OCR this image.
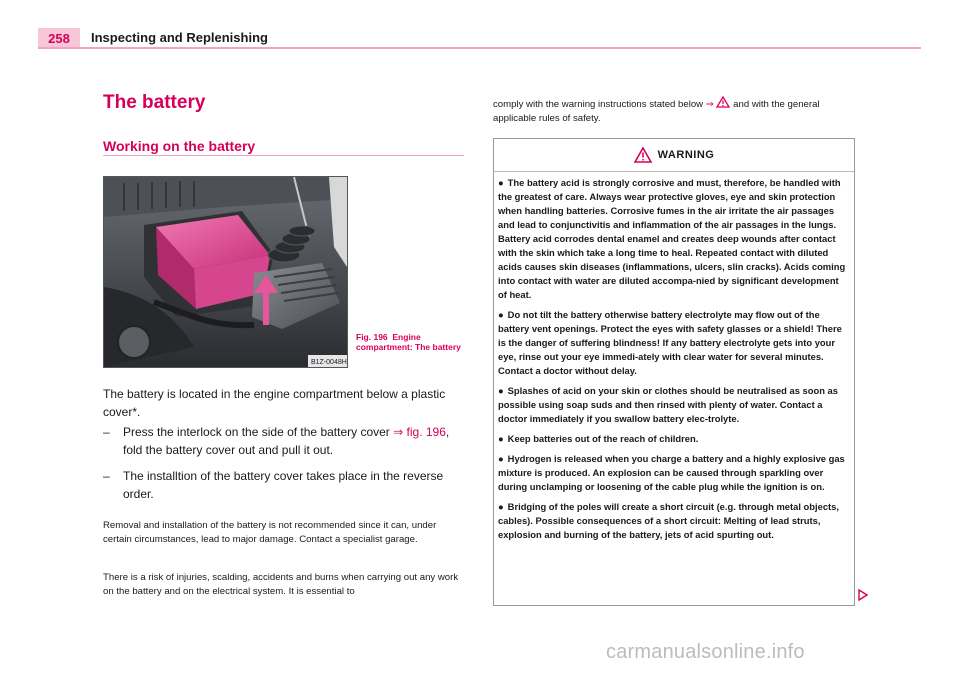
258	Inspecting and Replenishing
The battery
Working on the battery
B1Z-0048H
Fig. 196 Engine compartment: The battery
The battery is located in the engine compartment below a plastic cover*.
– Press the interlock on the side of the battery cover ⇒ fig. 196, fold the battery cover out and pull it out.
– The installtion of the battery cover takes place in the reverse order.
Removal and installation of the battery is not recommended since it can, under certain circumstances, lead to major damage. Contact a specialist garage.
There is a risk of injuries, scalding, accidents and burns when carrying out any work on the battery and on the electrical system. It is essential to
comply with the warning instructions stated below ⇒  and with the general applicable rules of safety.
WARNING
● The battery acid is strongly corrosive and must, therefore, be handled with the greatest of care. Always wear protective gloves, eye and skin protection when handling batteries. Corrosive fumes in the air irritate the air passages and lead to conjunctivitis and inflammation of the air passages in the lungs. Battery acid corrodes dental enamel and creates deep wounds after contact with the skin which take a long time to heal. Repeated contact with diluted acids causes skin diseases (inflammations, ulcers, slin cracks). Acids coming into contact with water are diluted accompa-nied by significant development of heat.
● Do not tilt the battery otherwise battery electrolyte may flow out of the battery vent openings. Protect the eyes with safety glasses or a shield! There is the danger of suffering blindness! If any battery electrolyte gets into your eye, rinse out your eye immedi-ately with clear water for several minutes. Contact a doctor without delay.
● Splashes of acid on your skin or clothes should be neutralised as soon as possible using soap suds and then rinsed with plenty of water. Contact a doctor immediately if you swallow battery elec-trolyte.
● Keep batteries out of the reach of children.
● Hydrogen is released when you charge a battery and a highly explosive gas mixture is produced. An explosion can be caused through sparkling over during unclamping or loosening of the cable plug while the ignition is on.
● Bridging of the poles will create a short circuit (e.g. through metal objects, cables). Possible consequences of a short circuit: Melting of lead struts, explosion and burning of the battery, jets of acid spurting out.
carmanualsonline.info
